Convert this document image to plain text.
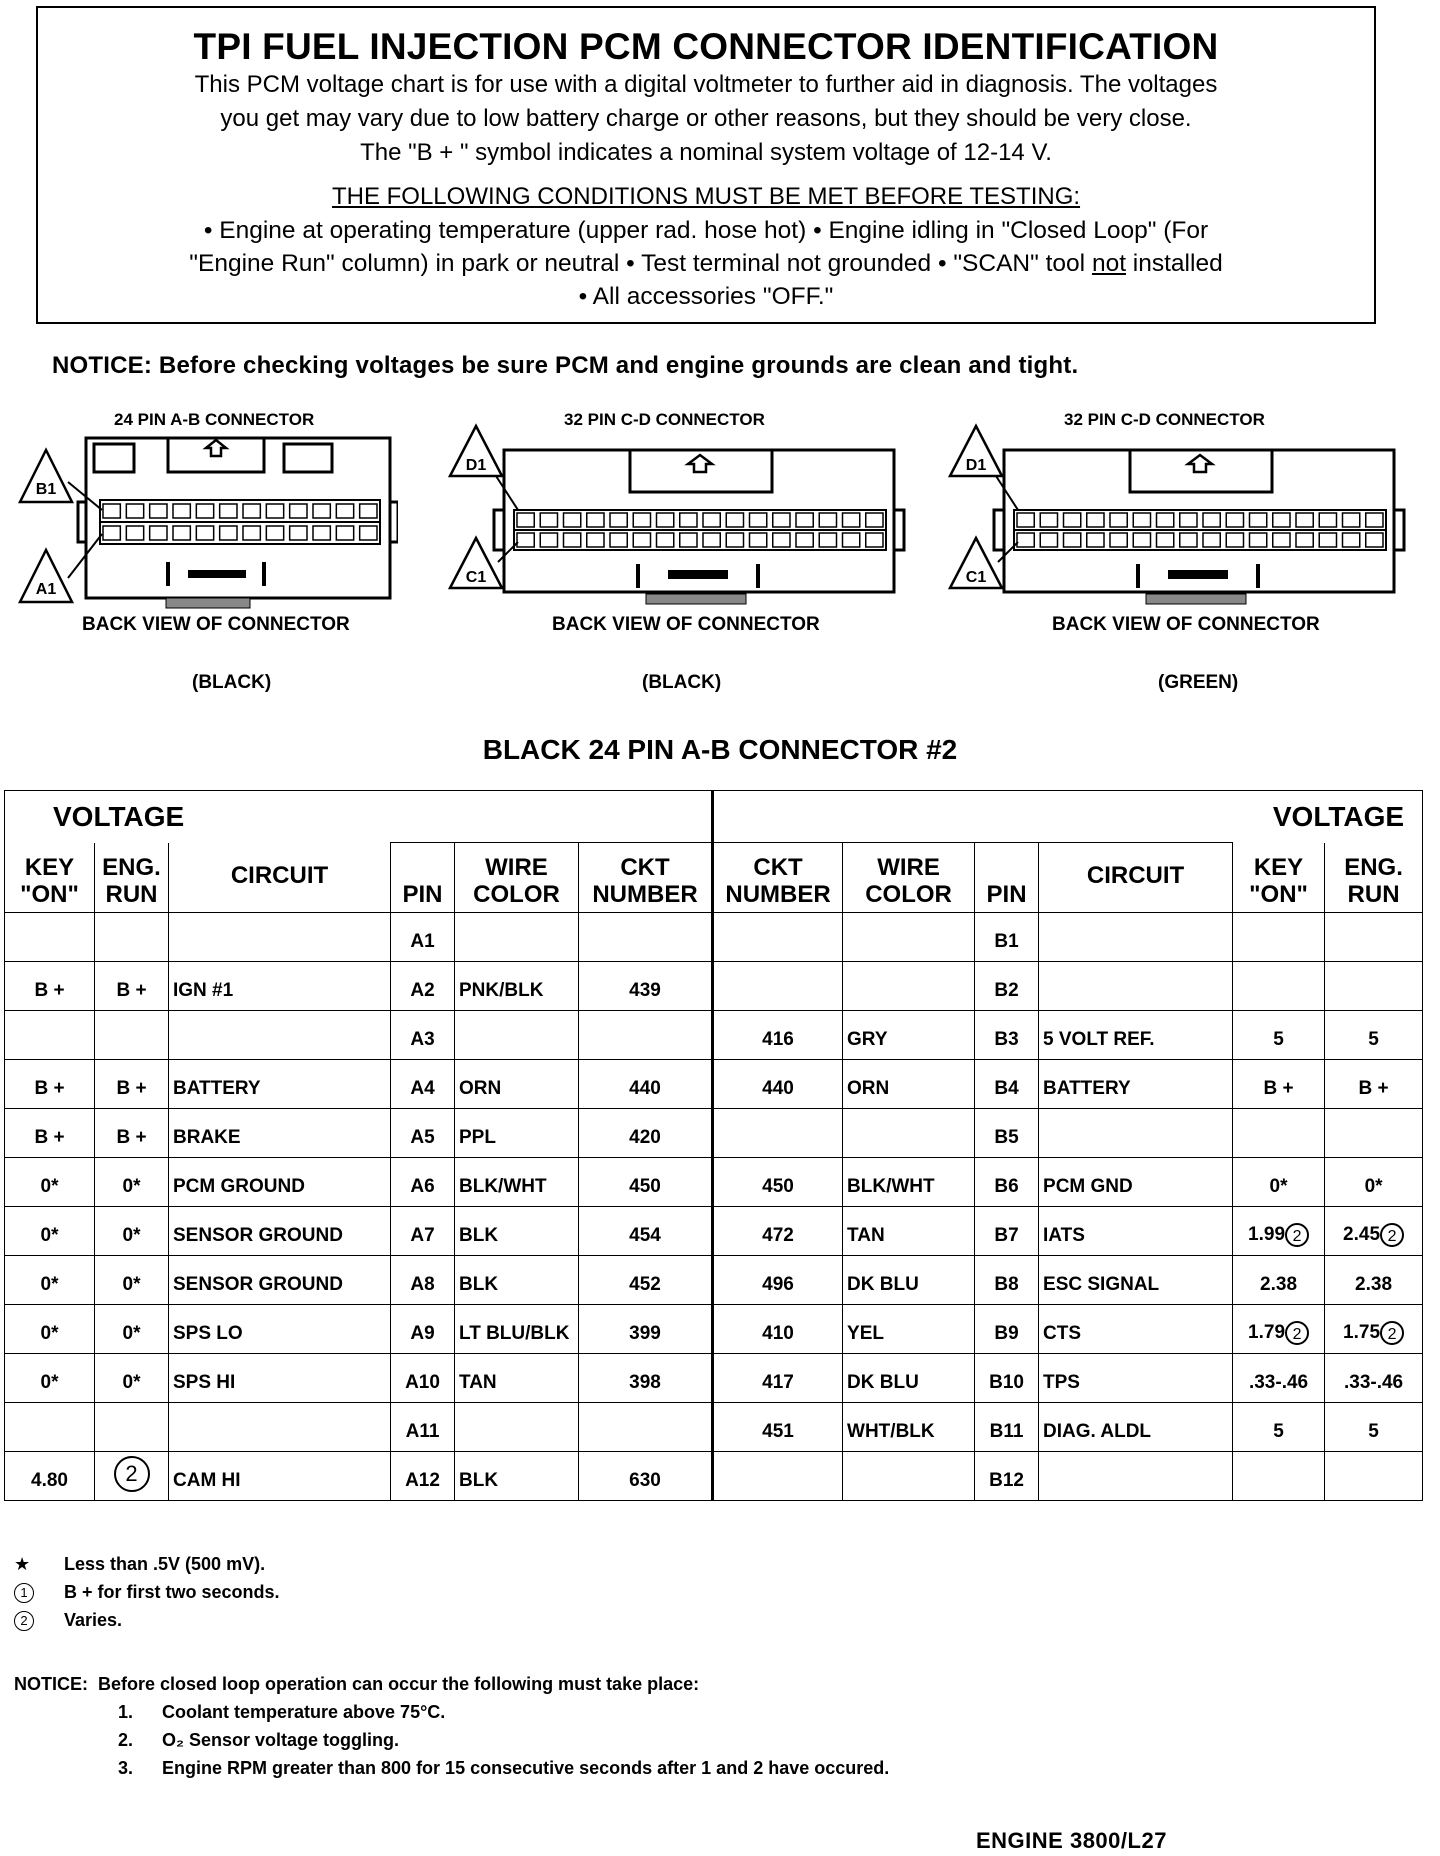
TPI FUEL INJECTION PCM CONNECTOR IDENTIFICATION
This PCM voltage chart is for use with a digital voltmeter to further aid in diagnosis. The voltages
you get may vary due to low battery charge or other reasons, but they should be very close.
The "B + " symbol indicates a nominal system voltage of 12-14 V.
THE FOLLOWING CONDITIONS MUST BE MET BEFORE TESTING:
• Engine at operating temperature (upper rad. hose hot) • Engine idling in "Closed Loop" (For
"Engine Run" column) in park or neutral • Test terminal not grounded • "SCAN" tool not installed
• All accessories "OFF."
NOTICE: Before checking voltages be sure PCM and engine grounds are clean and tight.
24 PIN A-B CONNECTOR
B1
A1
BACK VIEW OF CONNECTOR
(BLACK)
32 PIN C-D CONNECTOR
D1
C1
BACK VIEW OF CONNECTOR
(BLACK)
32 PIN C-D CONNECTOR
D1
C1
BACK VIEW OF CONNECTOR
(GREEN)
BLACK 24 PIN A-B CONNECTOR #2
VOLTAGE						VOLTAGE					
KEY
"ON"	ENG.
RUN	CIRCUIT	PIN	WIRE
COLOR	CKT
NUMBER	CKT
NUMBER	WIRE
COLOR	PIN	CIRCUIT	KEY
"ON"	ENG.
RUN
			A1					B1			
B +	B +	IGN #1	A2	PNK/BLK	439			B2			
			A3			416	GRY	B3	5 VOLT REF.	5	5
B +	B +	BATTERY	A4	ORN	440	440	ORN	B4	BATTERY	B +	B +
B +	B +	BRAKE	A5	PPL	420			B5			
0*	0*	PCM GROUND	A6	BLK/WHT	450	450	BLK/WHT	B6	PCM GND	0*	0*
0*	0*	SENSOR GROUND	A7	BLK	454	472	TAN	B7	IATS	1.99 2	2.45 2
0*	0*	SENSOR GROUND	A8	BLK	452	496	DK BLU	B8	ESC SIGNAL	2.38	2.38
0*	0*	SPS LO	A9	LT BLU/BLK	399	410	YEL	B9	CTS	1.79 2	1.75 2
0*	0*	SPS HI	A10	TAN	398	417	DK BLU	B10	TPS	.33-.46	.33-.46
			A11			451	WHT/BLK	B11	DIAG. ALDL	5	5
4.80	2	CAM HI	A12	BLK	630			B12			
★ Less than .5V (500 mV).
1 B + for first two seconds.
2 Varies.
NOTICE: Before closed loop operation can occur the following must take place:
1. Coolant temperature above 75°C.
2. O₂ Sensor voltage toggling.
3. Engine RPM greater than 800 for 15 consecutive seconds after 1 and 2 have occured.
ENGINE 3800/L27
